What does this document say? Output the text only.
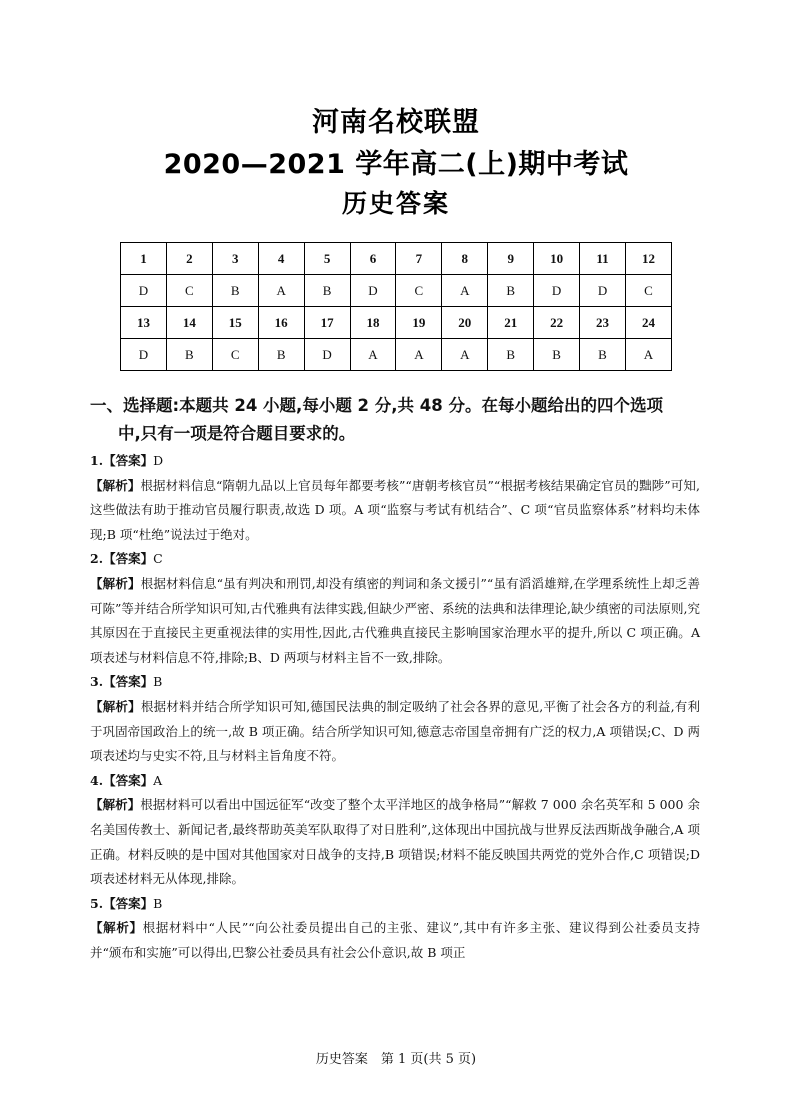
河南名校联盟
2020—2021 学年高二(上)期中考试
历史答案
1	2	3	4	5	6	7	8	9	10	11	12
D	C	B	A	B	D	C	A	B	D	D	C
13	14	15	16	17	18	19	20	21	22	23	24
D	B	C	B	D	A	A	A	B	B	B	A
一、选择题:本题共 24 小题,每小题 2 分,共 48 分。在每小题给出的四个选项
中,只有一项是符合题目要求的。

1.【答案】D

【解析】根据材料信息“隋朝九品以上官员每年都要考核”“唐朝考核官员”“根据考核结果确定官员的黜陟”可知,这些做法有助于推动官员履行职责,故选 D 项。A 项“监察与考试有机结合”、C 项“官员监察体系”材料均未体现;B 项“杜绝”说法过于绝对。

2.【答案】C

【解析】根据材料信息“虽有判决和刑罚,却没有缜密的判词和条文援引”“虽有滔滔雄辩,在学理系统性上却乏善可陈”等并结合所学知识可知,古代雅典有法律实践,但缺少严密、系统的法典和法律理论,缺少缜密的司法原则,究其原因在于直接民主更重视法律的实用性,因此,古代雅典直接民主影响国家治理水平的提升,所以 C 项正确。A 项表述与材料信息不符,排除;B、D 两项与材料主旨不一致,排除。

3.【答案】B

【解析】根据材料并结合所学知识可知,德国民法典的制定吸纳了社会各界的意见,平衡了社会各方的利益,有利于巩固帝国政治上的统一,故 B 项正确。结合所学知识可知,德意志帝国皇帝拥有广泛的权力,A 项错误;C、D 两项表述均与史实不符,且与材料主旨角度不符。

4.【答案】A

【解析】根据材料可以看出中国远征军“改变了整个太平洋地区的战争格局”“解救 7 000 余名英军和 5 000 余名美国传教士、新闻记者,最终帮助英美军队取得了对日胜利”,这体现出中国抗战与世界反法西斯战争融合,A 项正确。材料反映的是中国对其他国家对日战争的支持,B 项错误;材料不能反映国共两党的党外合作,C 项错误;D 项表述材料无从体现,排除。

5.【答案】B

【解析】根据材料中“人民”“向公社委员提出自己的主张、建议”,其中有许多主张、建议得到公社委员支持并“颁布和实施”可以得出,巴黎公社委员具有社会公仆意识,故 B 项正

历史答案　第 1 页(共 5 页)
